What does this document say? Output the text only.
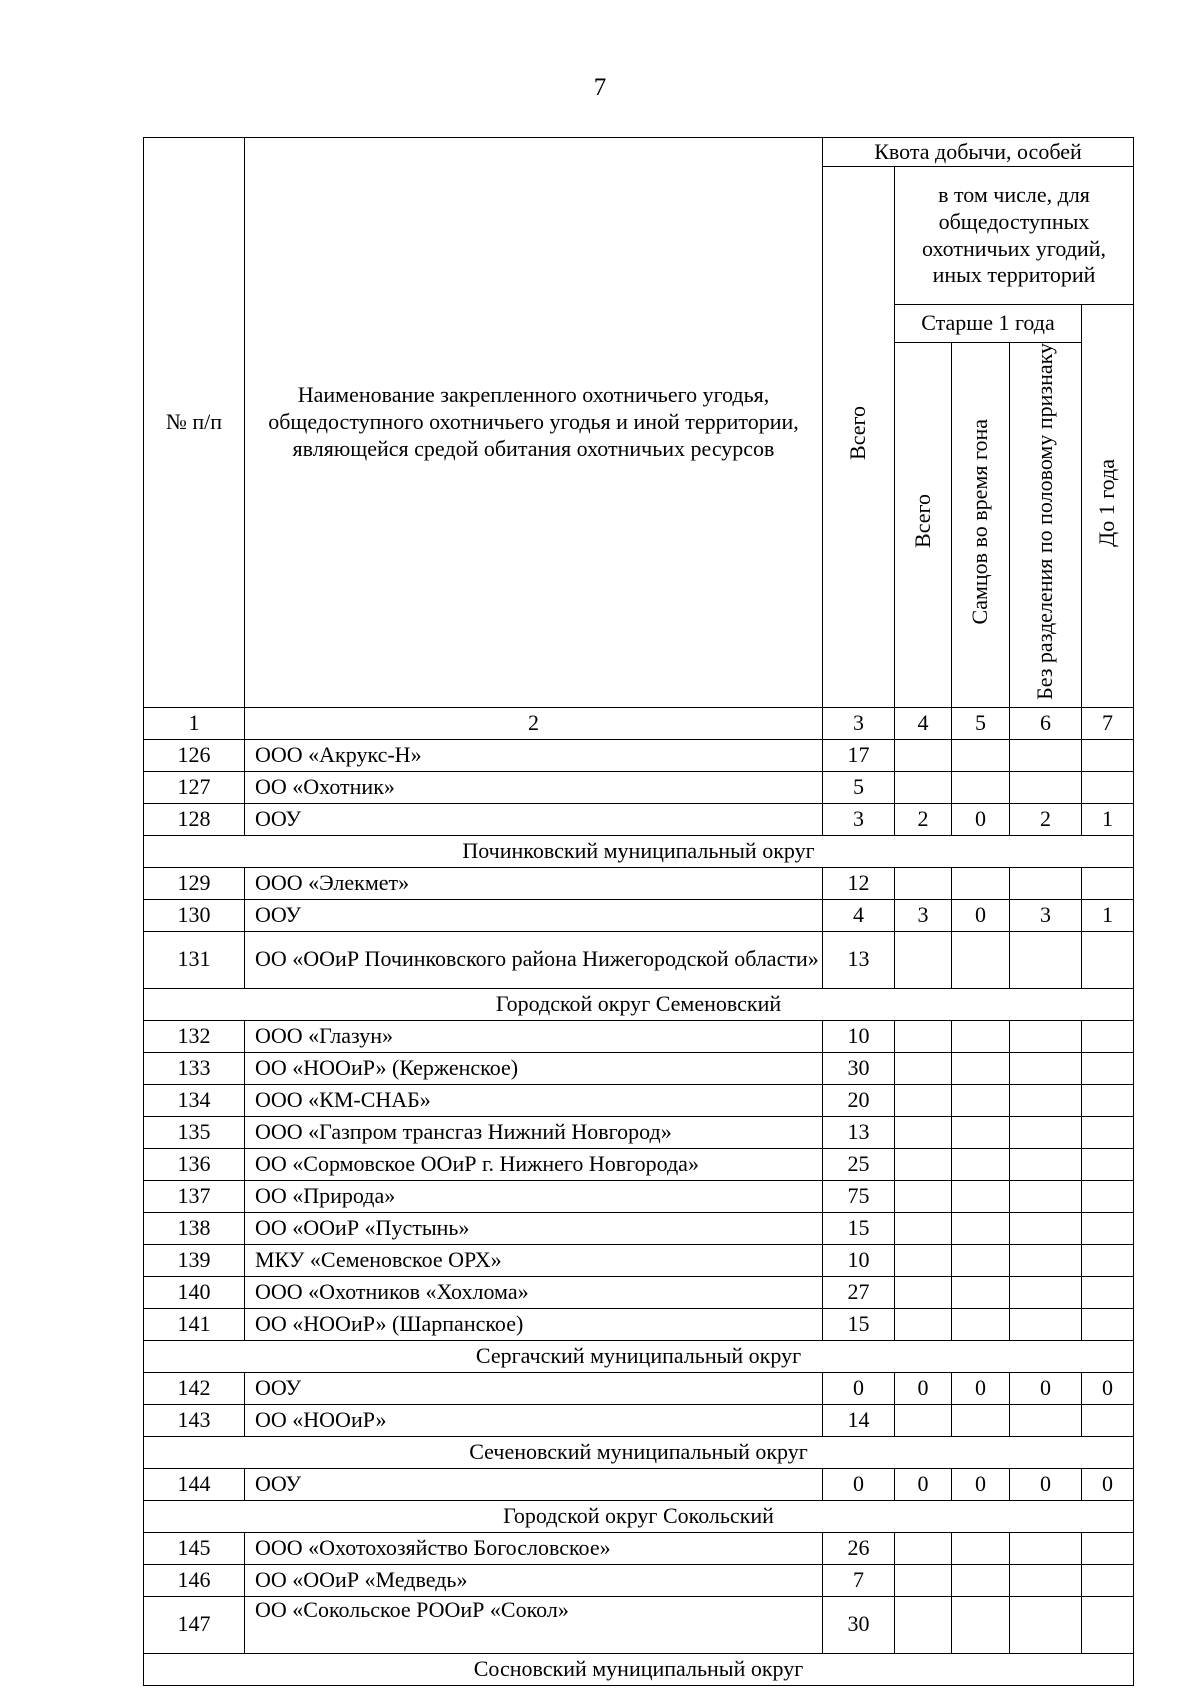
7
№ п/п	Наименование закрепленного охотничьего угодья, общедоступного охотничьего угодья и иной территории, являющейся средой обитания охотничьих ресурсов	Квота добычи, особей				
		Всего	в том числе, для общедоступных охотничьих угодий, иных территорий			
			Старше 1 года			До 1 года
			Всего	Самцов во время гона	Без разделения по половому признаку	
1	2	3	4	5	6	7
126	ООО «Акрукс-Н»	17				
127	ОО «Охотник»	5				
128	ООУ	3	2	0	2	1
Починковский муниципальный округ						
129	ООО «Элекмет»	12				
130	ООУ	4	3	0	3	1
131	ОО «ООиР Починковского района Нижегородской области»	13				
Городской округ Семеновский						
132	ООО «Глазун»	10				
133	ОО «НООиР» (Керженское)	30				
134	ООО «КМ-СНАБ»	20				
135	ООО «Газпром трансгаз Нижний Новгород»	13				
136	ОО «Сормовское ООиР г. Нижнего Новгорода»	25				
137	ОО «Природа»	75				
138	ОО «ООиР «Пустынь»	15				
139	МКУ «Семеновское ОРХ»	10				
140	ООО «Охотников «Хохлома»	27				
141	ОО «НООиР» (Шарпанское)	15				
Сергачский муниципальный округ						
142	ООУ	0	0	0	0	0
143	ОО «НООиР»	14				
Сеченовский муниципальный округ						
144	ООУ	0	0	0	0	0
Городской округ Сокольский						
145	ООО «Охотохозяйство Богословское»	26				
146	ОО «ООиР «Медведь»	7				
147	ОО «Сокольское РООиР «Сокол»	30				
Сосновский муниципальный округ						
